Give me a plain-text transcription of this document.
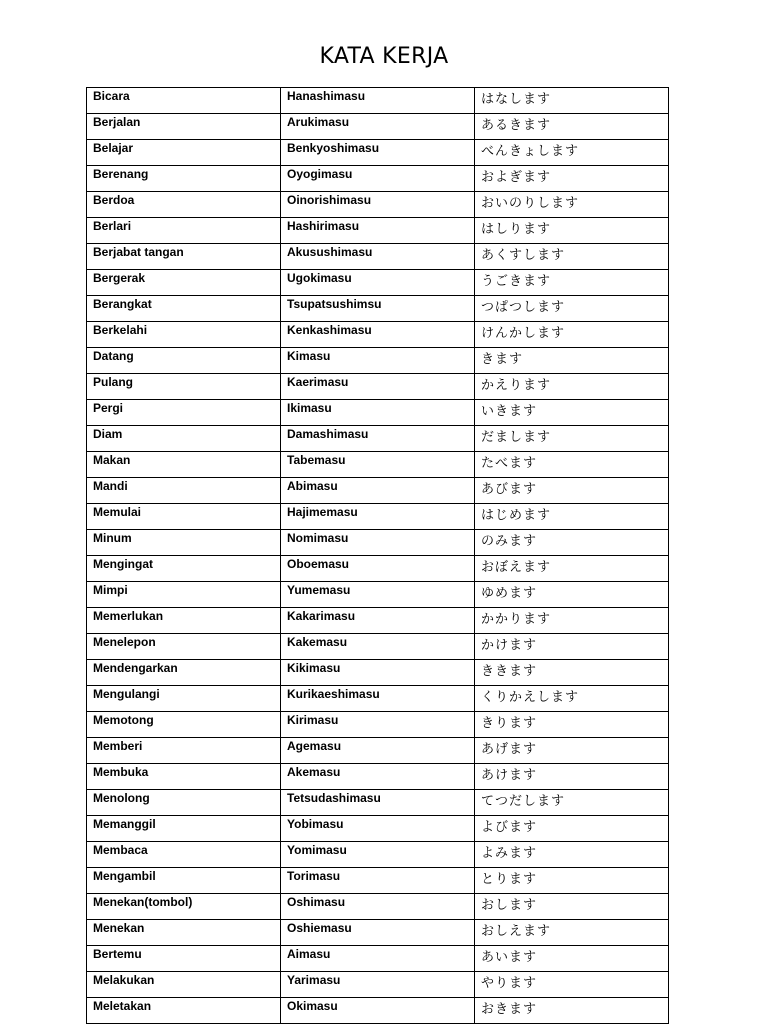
KATA KERJA
Bicara	Hanashimasu	はなします
Berjalan	Arukimasu	あるきます
Belajar	Benkyoshimasu	べんきょします
Berenang	Oyogimasu	およぎます
Berdoa	Oinorishimasu	おいのりします
Berlari	Hashirimasu	はしります
Berjabat tangan	Akusushimasu	あくすします
Bergerak	Ugokimasu	うごきます
Berangkat	Tsupatsushimsu	つぱつします
Berkelahi	Kenkashimasu	けんかします
Datang	Kimasu	きます
Pulang	Kaerimasu	かえります
Pergi	Ikimasu	いきます
Diam	Damashimasu	だまします
Makan	Tabemasu	たべます
Mandi	Abimasu	あびます
Memulai	Hajimemasu	はじめます
Minum	Nomimasu	のみます
Mengingat	Oboemasu	おぼえます
Mimpi	Yumemasu	ゆめます
Memerlukan	Kakarimasu	かかります
Menelepon	Kakemasu	かけます
Mendengarkan	Kikimasu	ききます
Mengulangi	Kurikaeshimasu	くりかえします
Memotong	Kirimasu	きります
Memberi	Agemasu	あげます
Membuka	Akemasu	あけます
Menolong	Tetsudashimasu	てつだします
Memanggil	Yobimasu	よびます
Membaca	Yomimasu	よみます
Mengambil	Torimasu	とります
Menekan(tombol)	Oshimasu	おします
Menekan	Oshiemasu	おしえます
Bertemu	Aimasu	あいます
Melakukan	Yarimasu	やります
Meletakan	Okimasu	おきます
